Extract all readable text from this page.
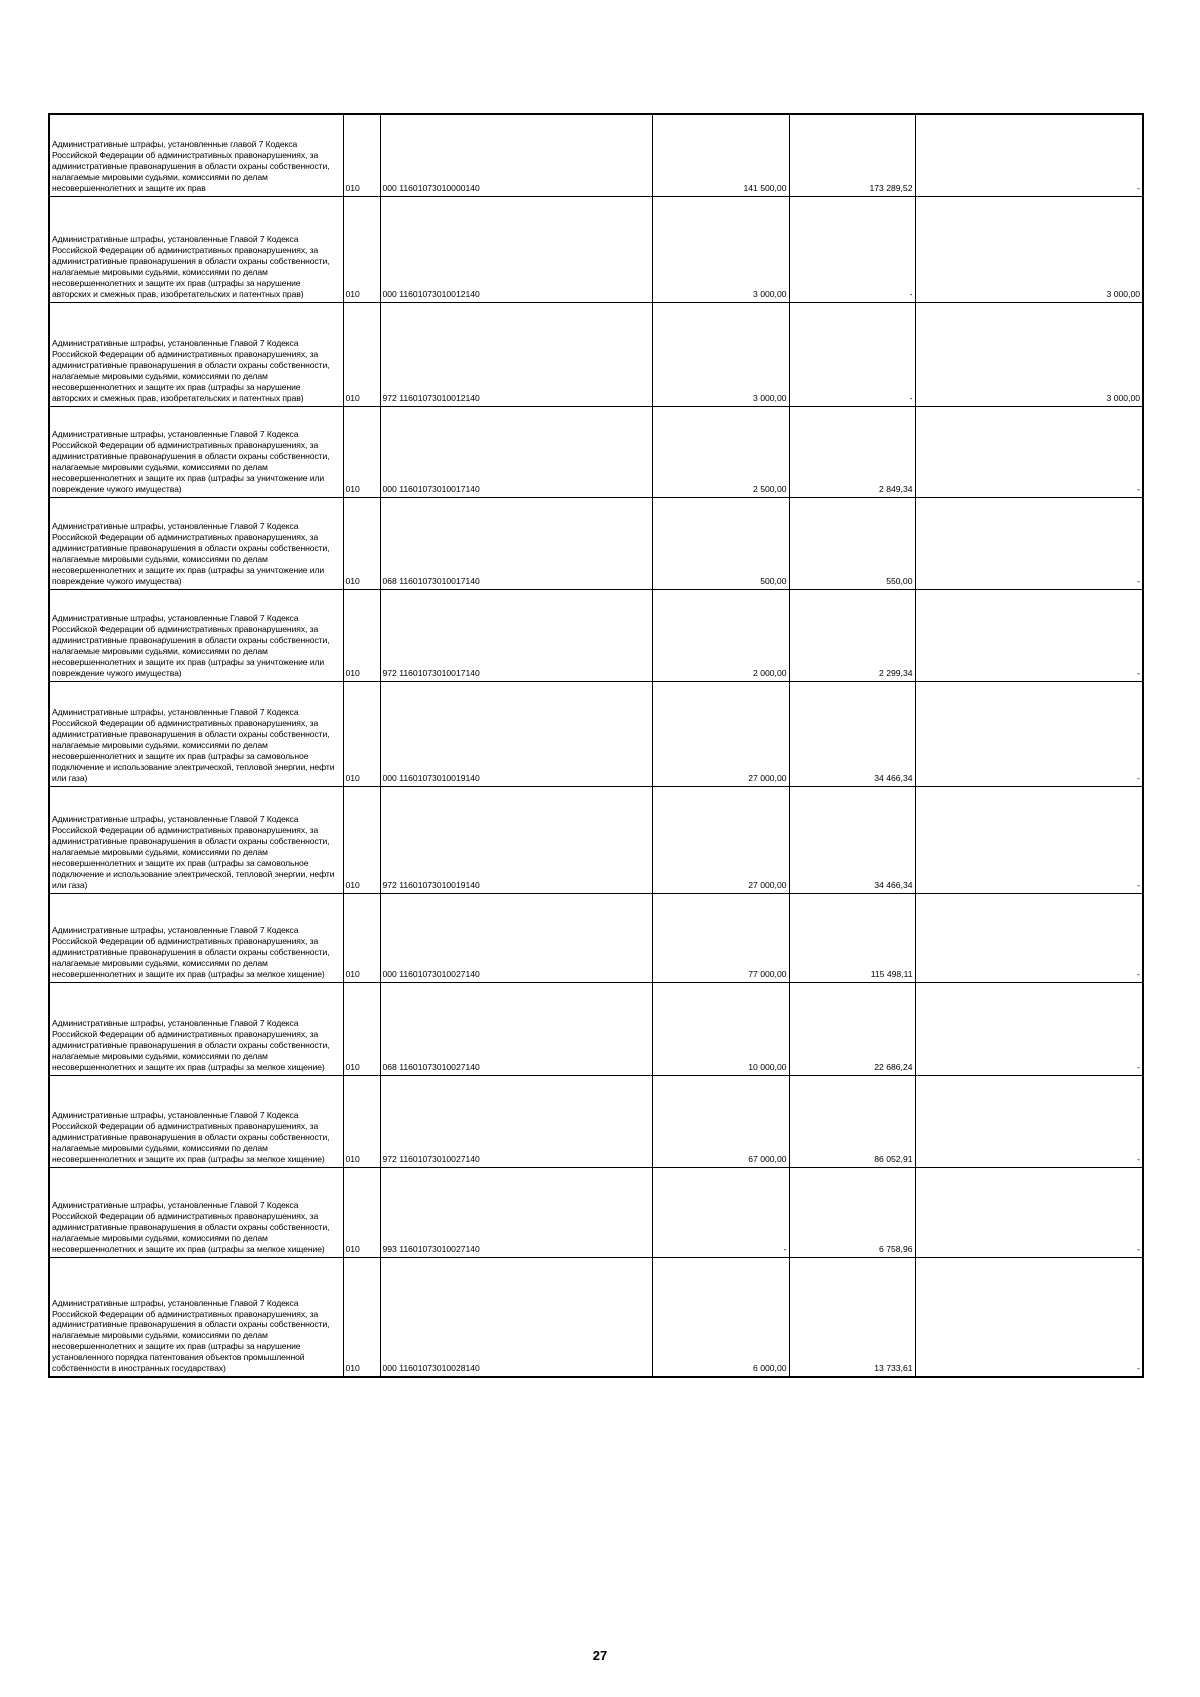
Административные штрафы, установленные главой 7 Кодекса Российской Федерации об административных правонарушениях, за административные правонарушения в области охраны собственности, налагаемые мировыми судьями, комиссиями по делам несовершеннолетних и защите их прав	010	000 11601073010000140	141 500,00	173 289,52	-
Административные штрафы, установленные Главой 7 Кодекса Российской Федерации об административных правонарушениях, за административные правонарушения в области охраны собственности, налагаемые мировыми судьями, комиссиями по делам несовершеннолетних и защите их прав (штрафы за нарушение авторских и смежных прав, изобретательских и патентных прав)	010	000 11601073010012140	3 000,00	-	3 000,00
Административные штрафы, установленные Главой 7 Кодекса Российской Федерации об административных правонарушениях, за административные правонарушения в области охраны собственности, налагаемые мировыми судьями, комиссиями по делам несовершеннолетних и защите их прав (штрафы за нарушение авторских и смежных прав, изобретательских и патентных прав)	010	972 11601073010012140	3 000,00	-	3 000,00
Административные штрафы, установленные Главой 7 Кодекса Российской Федерации об административных правонарушениях, за административные правонарушения в области охраны собственности, налагаемые мировыми судьями, комиссиями по делам несовершеннолетних и защите их прав (штрафы за уничтожение или повреждение чужого имущества)	010	000 11601073010017140	2 500,00	2 849,34	-
Административные штрафы, установленные Главой 7 Кодекса Российской Федерации об административных правонарушениях, за административные правонарушения в области охраны собственности, налагаемые мировыми судьями, комиссиями по делам несовершеннолетних и защите их прав (штрафы за уничтожение или повреждение чужого имущества)	010	068 11601073010017140	500,00	550,00	-
Административные штрафы, установленные Главой 7 Кодекса Российской Федерации об административных правонарушениях, за административные правонарушения в области охраны собственности, налагаемые мировыми судьями, комиссиями по делам несовершеннолетних и защите их прав (штрафы за уничтожение или повреждение чужого имущества)	010	972 11601073010017140	2 000,00	2 299,34	-
Административные штрафы, установленные Главой 7 Кодекса Российской Федерации об административных правонарушениях, за административные правонарушения в области охраны собственности, налагаемые мировыми судьями, комиссиями по делам несовершеннолетних и защите их прав (штрафы за самовольное подключение и использование электрической, тепловой энергии, нефти или газа)	010	000 11601073010019140	27 000,00	34 466,34	-
Административные штрафы, установленные Главой 7 Кодекса Российской Федерации об административных правонарушениях, за административные правонарушения в области охраны собственности, налагаемые мировыми судьями, комиссиями по делам несовершеннолетних и защите их прав (штрафы за самовольное подключение и использование электрической, тепловой энергии, нефти или газа)	010	972 11601073010019140	27 000,00	34 466,34	-
Административные штрафы, установленные Главой 7 Кодекса Российской Федерации об административных правонарушениях, за административные правонарушения в области охраны собственности, налагаемые мировыми судьями, комиссиями по делам несовершеннолетних и защите их прав (штрафы за мелкое хищение)	010	000 11601073010027140	77 000,00	115 498,11	-
Административные штрафы, установленные Главой 7 Кодекса Российской Федерации об административных правонарушениях, за административные правонарушения в области охраны собственности, налагаемые мировыми судьями, комиссиями по делам несовершеннолетних и защите их прав (штрафы за мелкое хищение)	010	068 11601073010027140	10 000,00	22 686,24	-
Административные штрафы, установленные Главой 7 Кодекса Российской Федерации об административных правонарушениях, за административные правонарушения в области охраны собственности, налагаемые мировыми судьями, комиссиями по делам несовершеннолетних и защите их прав (штрафы за мелкое хищение)	010	972 11601073010027140	67 000,00	86 052,91	-
Административные штрафы, установленные Главой 7 Кодекса Российской Федерации об административных правонарушениях, за административные правонарушения в области охраны собственности, налагаемые мировыми судьями, комиссиями по делам несовершеннолетних и защите их прав (штрафы за мелкое хищение)	010	993 11601073010027140	-	6 758,96	-
Административные штрафы, установленные Главой 7 Кодекса Российской Федерации об административных правонарушениях, за административные правонарушения в области охраны собственности, налагаемые мировыми судьями, комиссиями по делам несовершеннолетних и защите их прав (штрафы за нарушение установленного порядка патентования объектов промышленной собственности в иностранных государствах)	010	000 11601073010028140	6 000,00	13 733,61	-
27
